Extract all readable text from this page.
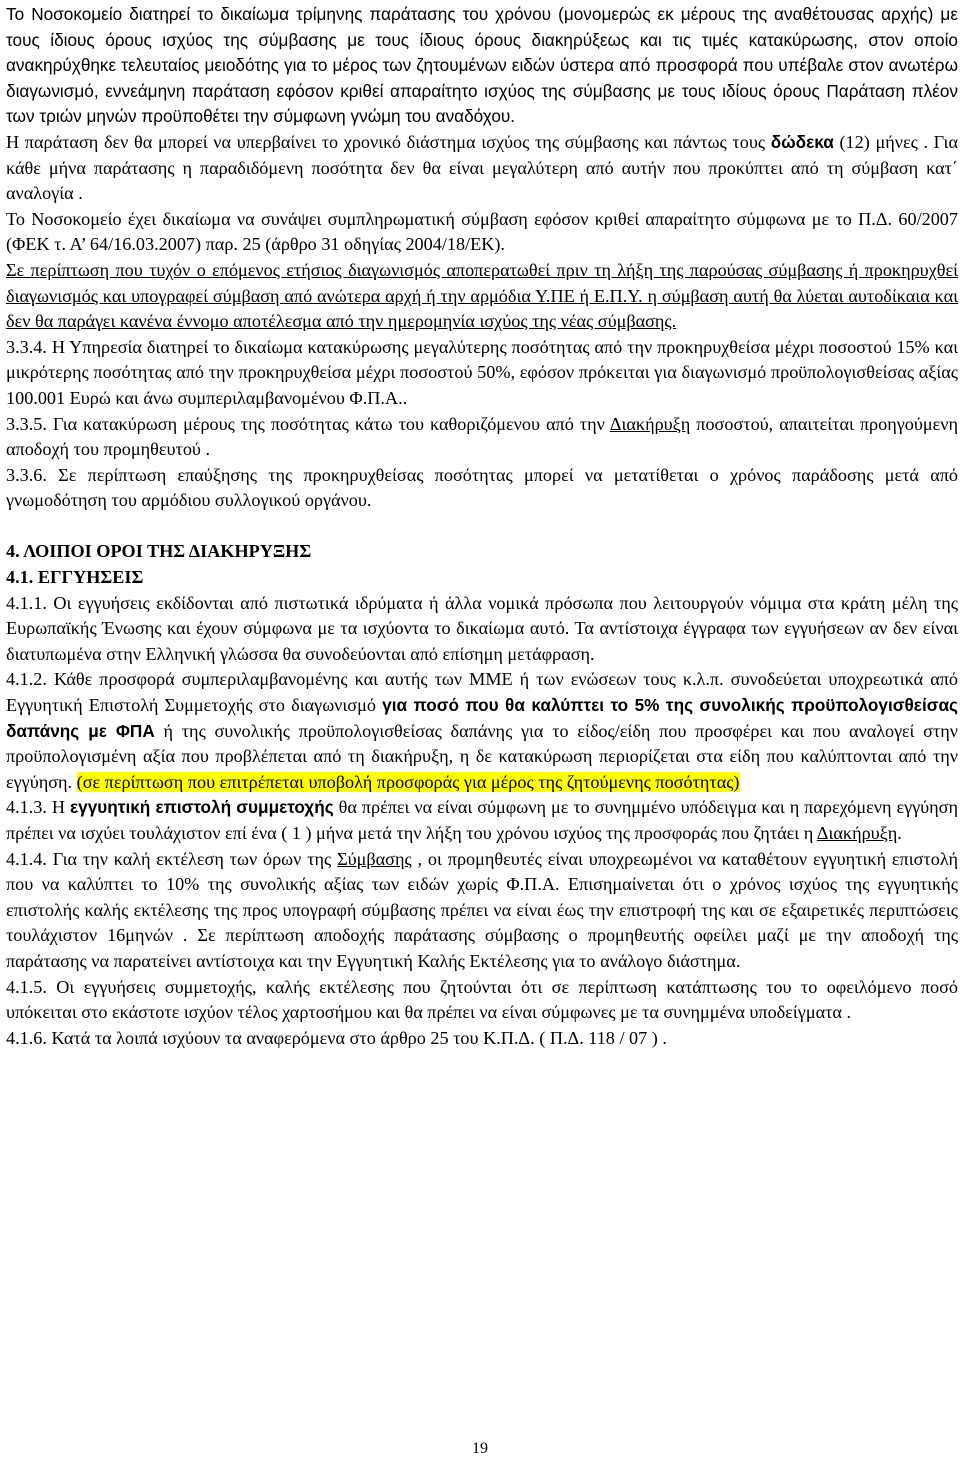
Το Νοσοκομείο διατηρεί το δικαίωμα τρίμηνης παράτασης του χρόνου (μονομερώς εκ μέρους της αναθέτουσας αρχής) με τους ίδιους όρους ισχύος της σύμβασης με τους ίδιους όρους διακηρύξεως και τις τιμές κατακύρωσης, στον οποίο ανακηρύχθηκε τελευταίος μειοδότης για το μέρος των ζητουμένων ειδών ύστερα από προσφορά που υπέβαλε στον ανωτέρω διαγωνισμό, εννεάμηνη παράταση εφόσον κριθεί απαραίτητο ισχύος της σύμβασης με τους ιδίους όρους Παράταση πλέον των τριών μηνών προϋποθέτει την σύμφωνη γνώμη του αναδόχου.

Η παράταση δεν θα μπορεί να υπερβαίνει το χρονικό διάστημα ισχύος της σύμβασης και πάντως τους δώδεκα (12) μήνες . Για κάθε μήνα παράτασης η παραδιδόμενη ποσότητα δεν θα είναι μεγαλύτερη από αυτήν που προκύπτει από τη σύμβαση κατ΄ αναλογία .

Το Νοσοκομείο έχει δικαίωμα να συνάψει συμπληρωματική σύμβαση εφόσον κριθεί απαραίτητο σύμφωνα με το Π.Δ. 60/2007 (ΦΕΚ τ. Α’ 64/16.03.2007) παρ. 25 (άρθρο 31 οδηγίας 2004/18/ΕΚ).

Σε περίπτωση που τυχόν ο επόμενος ετήσιος διαγωνισμός αποπερατωθεί πριν τη λήξη της παρούσας σύμβασης ή προκηρυχθεί διαγωνισμός και υπογραφεί σύμβαση από ανώτερα αρχή ή την αρμόδια Υ.ΠΕ ή Ε.Π.Υ. η σύμβαση αυτή θα λύεται αυτοδίκαια και δεν θα παράγει κανένα έννομο αποτέλεσμα από την ημερομηνία ισχύος της νέας σύμβασης.

3.3.4. Η Υπηρεσία διατηρεί το δικαίωμα κατακύρωσης μεγαλύτερης ποσότητας από την προκηρυχθείσα μέχρι ποσοστού 15% και μικρότερης ποσότητας από την προκηρυχθείσα μέχρι ποσοστού 50%, εφόσον πρόκειται για διαγωνισμό προϋπολογισθείσας αξίας 100.001 Ευρώ και άνω συμπεριλαμβανομένου Φ.Π.Α..

3.3.5. Για κατακύρωση μέρους της ποσότητας κάτω του καθοριζόμενου από την Διακήρυξη ποσοστού, απαιτείται προηγούμενη αποδοχή του προμηθευτού .

3.3.6. Σε περίπτωση επαύξησης της προκηρυχθείσας ποσότητας μπορεί να μετατίθεται ο χρόνος παράδοσης μετά από γνωμοδότηση του αρμόδιου συλλογικού οργάνου.

4. ΛΟΙΠΟΙ ΟΡΟΙ ΤΗΣ ΔΙΑΚΗΡΥΞΗΣ

4.1. ΕΓΓΥΗΣΕΙΣ

4.1.1. Οι εγγυήσεις εκδίδονται από πιστωτικά ιδρύματα ή άλλα νομικά πρόσωπα που λειτουργούν νόμιμα στα κράτη μέλη της Ευρωπαϊκής Ένωσης και έχουν σύμφωνα με τα ισχύοντα το δικαίωμα αυτό. Τα αντίστοιχα έγγραφα των εγγυήσεων αν δεν είναι διατυπωμένα στην Ελληνική γλώσσα θα συνοδεύονται από επίσημη μετάφραση.

4.1.2. Κάθε προσφορά συμπεριλαμβανομένης και αυτής των ΜΜΕ ή των ενώσεων τους κ.λ.π. συνοδεύεται υποχρεωτικά από Εγγυητική Επιστολή Συμμετοχής στο διαγωνισμό για ποσό που θα καλύπτει το 5% της συνολικής προϋπολογισθείσας δαπάνης με ΦΠΑ ή της συνολικής προϋπολογισθείσας δαπάνης για το είδος/είδη που προσφέρει και που αναλογεί στην προϋπολογισμένη αξία που προβλέπεται από τη διακήρυξη, η δε κατακύρωση περιορίζεται στα είδη που καλύπτονται από την εγγύηση. (σε περίπτωση που επιτρέπεται υποβολή προσφοράς για μέρος της ζητούμενης ποσότητας)

4.1.3. Η εγγυητική επιστολή συμμετοχής θα πρέπει να είναι σύμφωνη με το συνημμένο υπόδειγμα και η παρεχόμενη εγγύηση πρέπει να ισχύει τουλάχιστον επί ένα ( 1 ) μήνα μετά την λήξη του χρόνου ισχύος της προσφοράς που ζητάει η Διακήρυξη.

4.1.4. Για την καλή εκτέλεση των όρων της Σύμβασης , οι προμηθευτές είναι υποχρεωμένοι να καταθέτουν εγγυητική επιστολή που να καλύπτει το 10% της συνολικής αξίας των ειδών χωρίς Φ.Π.Α. Επισημαίνεται ότι ο χρόνος ισχύος της εγγυητικής επιστολής καλής εκτέλεσης της προς υπογραφή σύμβασης πρέπει να είναι έως την επιστροφή της και σε εξαιρετικές περιπτώσεις τουλάχιστον 16μηνών . Σε περίπτωση αποδοχής παράτασης σύμβασης ο προμηθευτής οφείλει μαζί με την αποδοχή της παράτασης να παρατείνει αντίστοιχα και την Εγγυητική Καλής Εκτέλεσης για το ανάλογο διάστημα.

4.1.5. Οι εγγυήσεις συμμετοχής, καλής εκτέλεσης που ζητούνται ότι σε περίπτωση κατάπτωσης του το οφειλόμενο ποσό υπόκειται στο εκάστοτε ισχύον τέλος χαρτοσήμου και θα πρέπει να είναι σύμφωνες με τα συνημμένα υποδείγματα .

4.1.6. Κατά τα λοιπά ισχύουν τα αναφερόμενα στο άρθρο 25 του Κ.Π.Δ. ( Π.Δ. 118 / 07 ) .

19
